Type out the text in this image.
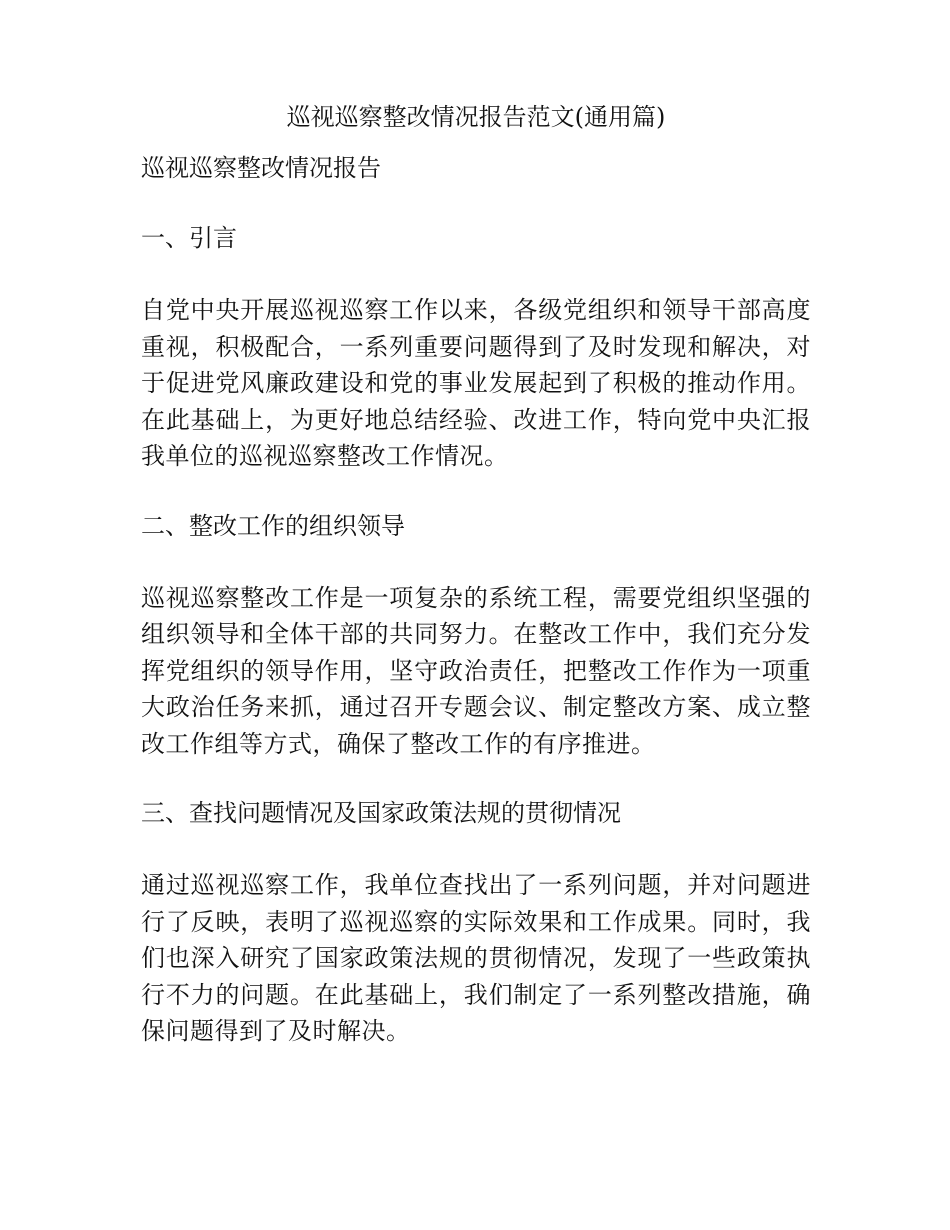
巡视巡察整改情况报告范文(通用篇)
巡视巡察整改情况报告
一、引言

自党中央开展巡视巡察工作以来，各级党组织和领导干部高度重视，积极配合，一系列重要问题得到了及时发现和解决，对于促进党风廉政建设和党的事业发展起到了积极的推动作用。在此基础上，为更好地总结经验、改进工作，特向党中央汇报我单位的巡视巡察整改工作情况。

二、整改工作的组织领导

巡视巡察整改工作是一项复杂的系统工程，需要党组织坚强的组织领导和全体干部的共同努力。在整改工作中，我们充分发挥党组织的领导作用，坚守政治责任，把整改工作作为一项重大政治任务来抓，通过召开专题会议、制定整改方案、成立整改工作组等方式，确保了整改工作的有序推进。

三、查找问题情况及国家政策法规的贯彻情况

通过巡视巡察工作，我单位查找出了一系列问题，并对问题进行了反映，表明了巡视巡察的实际效果和工作成果。同时，我们也深入研究了国家政策法规的贯彻情况，发现了一些政策执行不力的问题。在此基础上，我们制定了一系列整改措施，确保问题得到了及时解决。
